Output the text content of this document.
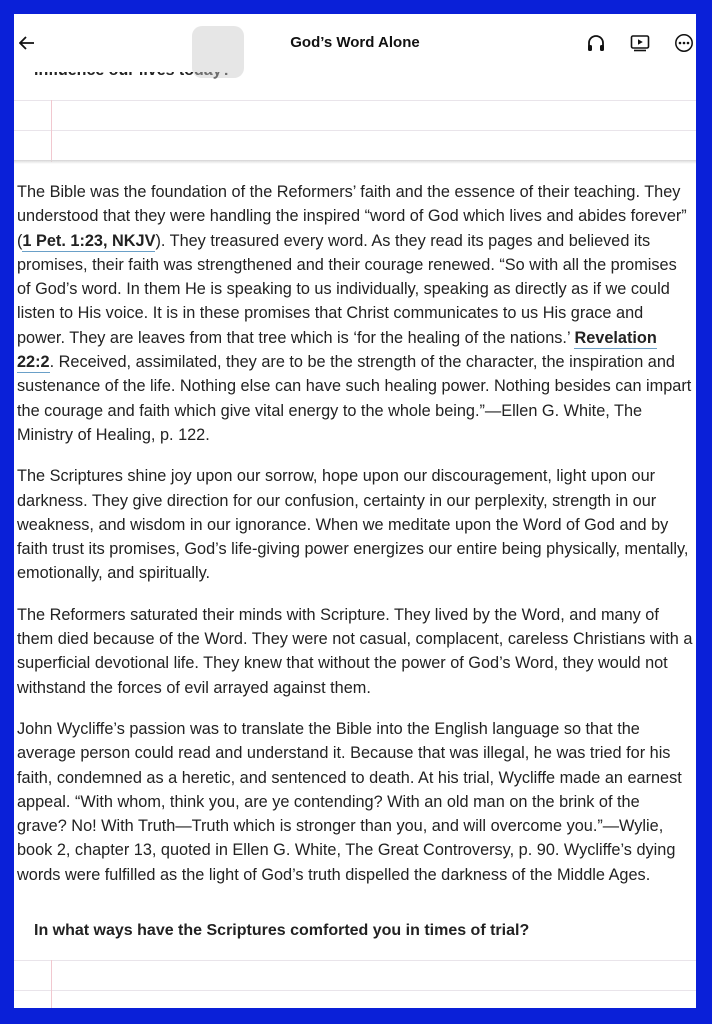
God’s Word Alone

The Bible was the foundation of the Reformers’ faith and the essence of their teaching. They understood that they were handling the inspired “word of God which lives and abides forever” (1 Pet. 1:23, NKJV). They treasured every word. As they read its pages and believed its promises, their faith was strengthened and their courage renewed. “So with all the promises of God’s word. In them He is speaking to us individually, speaking as directly as if we could listen to His voice. It is in these promises that Christ communicates to us His grace and power. They are leaves from that tree which is ‘for the healing of the nations.’ Revelation 22:2. Received, assimilated, they are to be the strength of the character, the inspiration and sustenance of the life. Nothing else can have such healing power. Nothing besides can impart the courage and faith which give vital energy to the whole being.”—Ellen G. White, The Ministry of Healing, p. 122.

The Scriptures shine joy upon our sorrow, hope upon our discouragement, light upon our darkness. They give direction for our confusion, certainty in our perplexity, strength in our weakness, and wisdom in our ignorance. When we meditate upon the Word of God and by faith trust its promises, God’s life-giving power energizes our entire being physically, mentally, emotionally, and spiritually.

The Reformers saturated their minds with Scripture. They lived by the Word, and many of them died because of the Word. They were not casual, complacent, careless Christians with a superficial devotional life. They knew that without the power of God’s Word, they would not withstand the forces of evil arrayed against them.

John Wycliffe’s passion was to translate the Bible into the English language so that the average person could read and understand it. Because that was illegal, he was tried for his faith, condemned as a heretic, and sentenced to death. At his trial, Wycliffe made an earnest appeal. “With whom, think you, are ye contending? With an old man on the brink of the grave? No! With Truth—Truth which is stronger than you, and will overcome you.”—Wylie, book 2, chapter 13, quoted in Ellen G. White, The Great Controversy, p. 90. Wycliffe’s dying words were fulfilled as the light of God’s truth dispelled the darkness of the Middle Ages.

In what ways have the Scriptures comforted you in times of trial?
